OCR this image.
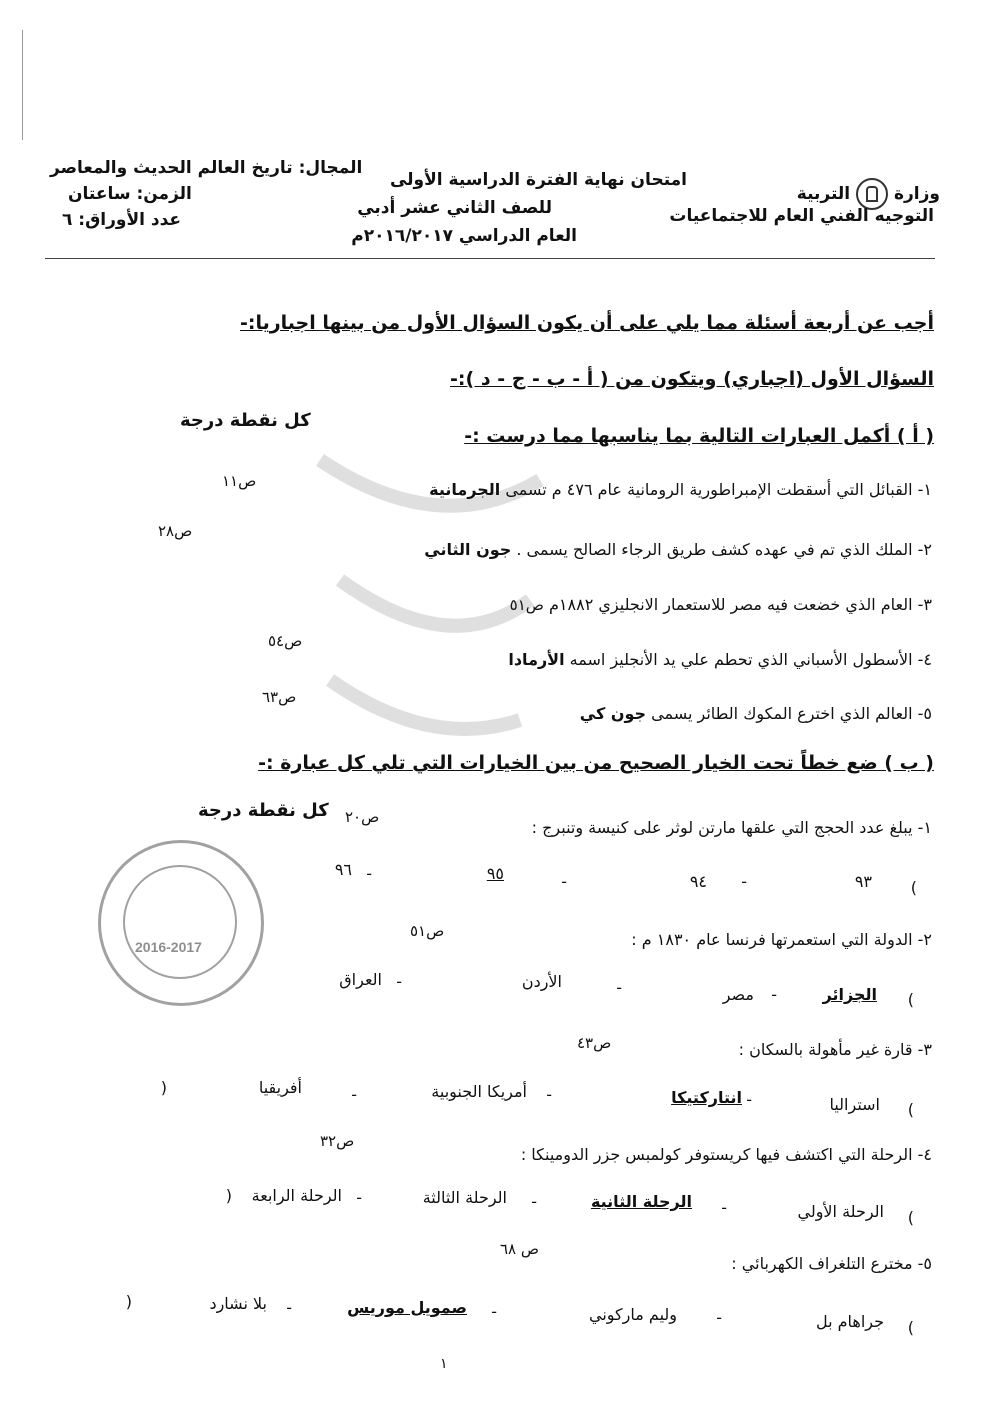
وزارة  التربية
التوجيه الفني العام للاجتماعيات
امتحان نهاية الفترة الدراسية الأولى
للصف الثاني عشر أدبي
العام الدراسي ٢٠١٦/٢٠١٧م
المجال: تاريخ العالم الحديث والمعاصر
الزمن: ساعتان
عدد الأوراق: ٦
أجب عن أربعة أسئلة مما يلي على أن يكون السؤال الأول من بينها اجباريا:-
السؤال الأول (اجباري) ويتكون من ( أ - ب - ج - د ):-
( أ ) أكمل العبارات التالية بما يناسبها مما درست :-
كل نقطة درجة
١- القبائل التي أسقطت الإمبراطورية الرومانية عام ٤٧٦ م تسمى الجرمانية
ص١١
٢- الملك الذي تم في عهده كشف طريق الرجاء الصالح يسمى . جون الثاني
ص٢٨
٣- العام الذي خضعت فيه مصر للاستعمار الانجليزي ١٨٨٢م ص٥١
٤- الأسطول الأسباني الذي تحطم علي يد الأنجليز اسمه الأرمادا
ص٥٤
٥- العالم الذي اخترع المكوك الطائر يسمى جون كي
ص٦٣
( ب ) ضع خطاً تحت الخيار الصحيح من بين الخيارات التي تلي كل عبارة :-
كل نقطة درجة
١- يبلغ عدد الحجج التي علقها مارتن لوثر على كنيسة وتنبرج :
ص٢٠
(
٩٣
-
٩٤
-
٩٥
-
٩٦
٢- الدولة التي استعمرتها فرنسا عام ١٨٣٠ م :
ص٥١
(
الجزائر
-
مصر
-
الأردن
-
العراق
٣- قارة غير مأهولة بالسكان :
ص٤٣
(
استراليا
انتاركتيكا -
-
أمريكا الجنوبية
-
أفريقيا
)
٤- الرحلة التي اكتشف فيها كريستوفر كولمبس جزر الدومينكا :
ص٣٢
(
الرحلة الأولي
-
الرحلة الثانية
-
الرحلة الثالثة
-
الرحلة الرابعة
)
٥- مخترع التلغراف الكهربائي :
ص ٦٨
(
جراهام بل
-
وليم ماركوني
-
صمويل موريس
-
بلا نشارد
)
2016-2017
١
